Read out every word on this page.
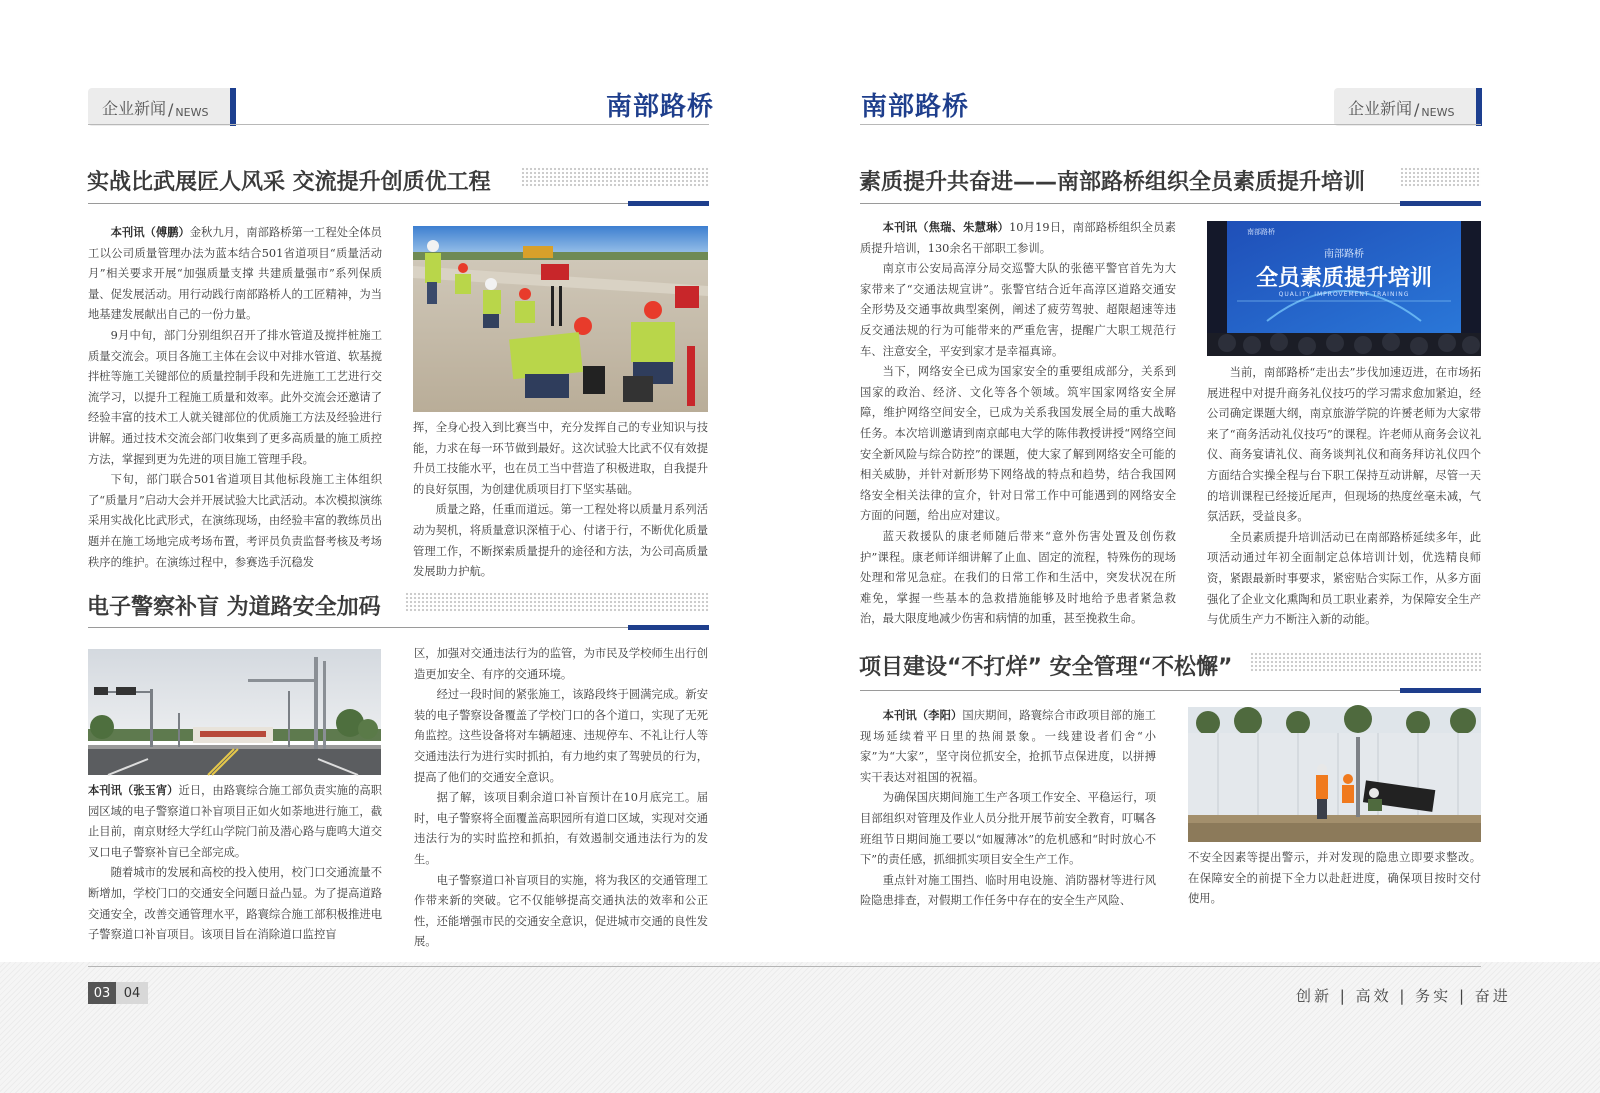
企业新闻 / NEWS	南部路桥	南部路桥	企业新闻 / NEWS
实战比武展匠人风采 交流提升创质优工程

本刊讯（傅鹏）金秋九月，南部路桥第一工程处全体员工以公司质量管理办法为蓝本结合501省道项目“质量活动月”相关要求开展“加强质量支撑 共建质量强市”系列保质量、促发展活动。用行动践行南部路桥人的工匠精神，为当地基建发展献出自己的一份力量。

9月中旬，部门分别组织召开了排水管道及搅拌桩施工质量交流会。项目各施工主体在会议中对排水管道、软基搅拌桩等施工关键部位的质量控制手段和先进施工工艺进行交流学习，以提升工程施工质量和效率。此外交流会还邀请了经验丰富的技术工人就关键部位的优质施工方法及经验进行讲解。通过技术交流会部门收集到了更多高质量的施工质控方法，掌握到更为先进的项目施工管理手段。

下旬，部门联合501省道项目其他标段施工主体组织了“质量月”启动大会并开展试验大比武活动。本次模拟演练采用实战化比武形式，在演练现场，由经验丰富的教练员出题并在施工场地完成考场布置，考评员负责监督考核及考场秩序的维护。在演练过程中，参赛选手沉稳发

挥，全身心投入到比赛当中，充分发挥自己的专业知识与技能，力求在每一环节做到最好。这次试验大比武不仅有效提升员工技能水平，也在员工当中营造了积极进取，自我提升的良好氛围，为创建优质项目打下坚实基础。

质量之路，任重而道远。第一工程处将以质量月系列活动为契机，将质量意识深植于心、付诸于行，不断优化质量管理工作，不断探索质量提升的途径和方法，为公司高质量发展助力护航。

电子警察补盲 为道路安全加码

本刊讯（张玉宵）近日，由路寰综合施工部负责实施的高职园区域的电子警察道口补盲项目正如火如荼地进行施工，截止目前，南京财经大学红山学院门前及潜心路与鹿鸣大道交叉口电子警察补盲已全部完成。

随着城市的发展和高校的投入使用，校门口交通流量不断增加，学校门口的交通安全问题日益凸显。为了提高道路交通安全，改善交通管理水平，路寰综合施工部积极推进电子警察道口补盲项目。该项目旨在消除道口监控盲

区，加强对交通违法行为的监管，为市民及学校师生出行创造更加安全、有序的交通环境。

经过一段时间的紧张施工，该路段终于圆满完成。新安装的电子警察设备覆盖了学校门口的各个道口，实现了无死角监控。这些设备将对车辆超速、违规停车、不礼让行人等交通违法行为进行实时抓拍，有力地约束了驾驶员的行为，提高了他们的交通安全意识。

据了解，该项目剩余道口补盲预计在10月底完工。届时，电子警察将全面覆盖高职园所有道口区域，实现对交通违法行为的实时监控和抓拍，有效遏制交通违法行为的发生。

电子警察道口补盲项目的实施，将为我区的交通管理工作带来新的突破。它不仅能够提高交通执法的效率和公正性，还能增强市民的交通安全意识，促进城市交通的良性发展。

素质提升共奋进——南部路桥组织全员素质提升培训

本刊讯（焦瑞、朱慧琳）10月19日，南部路桥组织全员素质提升培训，130余名干部职工参训。

南京市公安局高淳分局交巡警大队的张德平警官首先为大家带来了“交通法规宣讲”。张警官结合近年高淳区道路交通安全形势及交通事故典型案例，阐述了疲劳驾驶、超限超速等违反交通法规的行为可能带来的严重危害，提醒广大职工规范行车、注意安全，平安到家才是幸福真谛。

当下，网络安全已成为国家安全的重要组成部分，关系到国家的政治、经济、文化等各个领域。筑牢国家网络安全屏障，维护网络空间安全，已成为关系我国发展全局的重大战略任务。本次培训邀请到南京邮电大学的陈伟教授讲授“网络空间安全新风险与综合防控”的课题，使大家了解到网络安全可能的相关威胁，并针对新形势下网络战的特点和趋势，结合我国网络安全相关法律的宣介，针对日常工作中可能遇到的网络安全方面的问题，给出应对建议。

蓝天救援队的康老师随后带来“意外伤害处置及创伤救护”课程。康老师详细讲解了止血、固定的流程，特殊伤的现场处理和常见急症。在我们的日常工作和生活中，突发状况在所难免，掌握一些基本的急救措施能够及时地给予患者紧急救治，最大限度地减少伤害和病情的加重，甚至挽救生命。

南部路桥
南部路桥
全员素质提升培训
QUALITY IMPROVEMENT TRAINING

当前，南部路桥“走出去”步伐加速迈进，在市场拓展进程中对提升商务礼仪技巧的学习需求愈加紧迫，经公司确定课题大纲，南京旅游学院的许赟老师为大家带来了“商务活动礼仪技巧”的课程。许老师从商务会议礼仪、商务宴请礼仪、商务谈判礼仪和商务拜访礼仪四个方面结合实操全程与台下职工保持互动讲解，尽管一天的培训课程已经接近尾声，但现场的热度丝毫未减，气氛活跃，受益良多。

全员素质提升培训活动已在南部路桥延续多年，此项活动通过年初全面制定总体培训计划，优选精良师资，紧跟最新时事要求，紧密贴合实际工作，从多方面强化了企业文化熏陶和员工职业素养，为保障安全生产与优质生产力不断注入新的动能。

项目建设“不打烊” 安全管理“不松懈”

本刊讯（李阳）国庆期间，路寰综合市政项目部的施工现场延续着平日里的热闹景象。一线建设者们舍“小家”为“大家”，坚守岗位抓安全，抢抓节点保进度，以拼搏实干表达对祖国的祝福。

为确保国庆期间施工生产各项工作安全、平稳运行，项目部组织对管理及作业人员分批开展节前安全教育，叮嘱各班组节日期间施工要以“如履薄冰”的危机感和“时时放心不下”的责任感，抓细抓实项目安全生产工作。

重点针对施工围挡、临时用电设施、消防器材等进行风险隐患排查，对假期工作任务中存在的安全生产风险、

不安全因素等提出警示，并对发现的隐患立即要求整改。在保障安全的前提下全力以赴赶进度，确保项目按时交付使用。

03	04	创新 | 高效 | 务实 | 奋进
